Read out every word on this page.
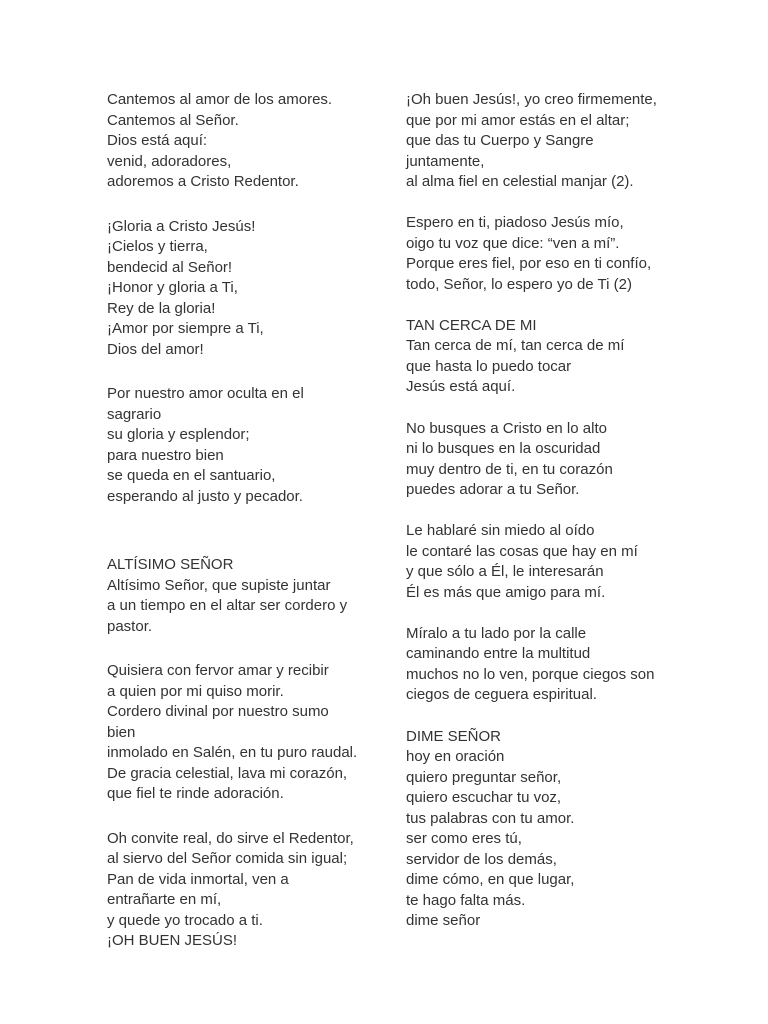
Cantemos al amor de los amores.
Cantemos al Señor.
Dios está aquí:
venid, adoradores,
adoremos a Cristo Redentor.
¡Gloria a Cristo Jesús!
¡Cielos y tierra,
bendecid al Señor!
¡Honor y gloria a Ti,
Rey de la gloria!
¡Amor por siempre a Ti,
Dios del amor!
Por nuestro amor oculta en el
sagrario
su gloria y esplendor;
para nuestro bien
se queda en el santuario,
esperando al justo y pecador.
ALTÍSIMO SEÑOR
Altísimo Señor, que supiste juntar
a un tiempo en el altar ser cordero y
pastor.
Quisiera con fervor amar y recibir
a quien por mi quiso morir.
Cordero divinal por nuestro sumo
bien
inmolado en Salén, en tu puro raudal.
De gracia celestial, lava mi corazón,
que fiel te rinde adoración.
Oh convite real, do sirve el Redentor,
al siervo del Señor comida sin igual;
Pan de vida inmortal, ven a
entrañarte en mí,
y quede yo trocado a ti.
¡OH BUEN JESÚS!
¡Oh buen Jesús!, yo creo firmemente,
que por mi amor estás en el altar;
que das tu Cuerpo y Sangre
juntamente,
al alma fiel en celestial manjar (2).
Espero en ti, piadoso Jesús mío,
oigo tu voz que dice: “ven a mí”.
Porque eres fiel, por eso en ti confío,
todo, Señor, lo espero yo de Ti (2)
TAN CERCA DE MI
Tan cerca de mí, tan cerca de mí
que hasta lo puedo tocar
Jesús está aquí.
No busques a Cristo en lo alto
ni lo busques en la oscuridad
muy dentro de ti, en tu corazón
puedes adorar a tu Señor.
Le hablaré sin miedo al oído
le contaré las cosas que hay en mí
y que sólo a Él, le interesarán
Él es más que amigo para mí.
Míralo a tu lado por la calle
caminando entre la multitud
muchos no lo ven, porque ciegos son
ciegos de ceguera espiritual.
DIME SEÑOR
hoy en oración
quiero preguntar señor,
quiero escuchar tu voz,
tus palabras con tu amor.
ser como eres tú,
servidor de los demás,
dime cómo, en que lugar,
te hago falta más.
dime señor
